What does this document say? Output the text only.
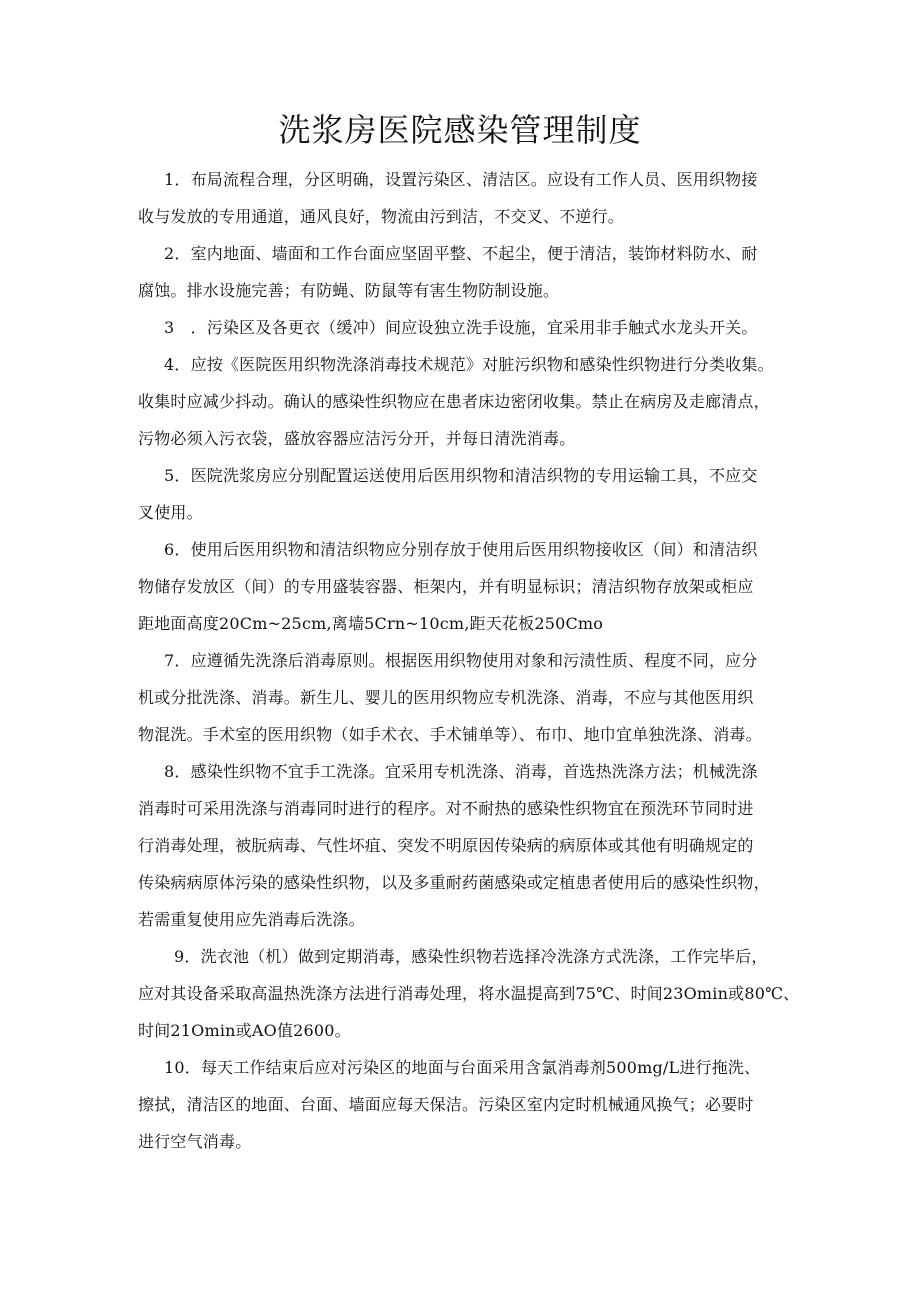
洗浆房医院感染管理制度

1．布局流程合理，分区明确，设置污染区、清洁区。应设有工作人员、医用织物接
收与发放的专用通道，通风良好，物流由污到洁，不交叉、不逆行。

2．室内地面、墙面和工作台面应坚固平整、不起尘，便于清洁，装饰材料防水、耐
腐蚀。排水设施完善；有防蝇、防鼠等有害生物防制设施。

3　．污染区及各更衣（缓冲）间应设独立洗手设施，宜采用非手触式水龙头开关。

4．应按《医院医用织物洗涤消毒技术规范》对脏污织物和感染性织物进行分类收集。
收集时应减少抖动。确认的感染性织物应在患者床边密闭收集。禁止在病房及走廊清点，
污物必须入污衣袋，盛放容器应洁污分开，并每日清洗消毒。

5．医院洗浆房应分别配置运送使用后医用织物和清洁织物的专用运输工具，不应交
叉使用。

6．使用后医用织物和清洁织物应分别存放于使用后医用织物接收区（间）和清洁织
物储存发放区（间）的专用盛装容器、柜架内，并有明显标识；清洁织物存放架或柜应
距地面高度20Cm~25cm,离墙5Crn~10cm,距天花板250Cmo

7．应遵循先洗涤后消毒原则。根据医用织物使用对象和污渍性质、程度不同，应分
机或分批洗涤、消毒。新生儿、婴儿的医用织物应专机洗涤、消毒，不应与其他医用织
物混洗。手术室的医用织物（如手术衣、手术铺单等）、布巾、地巾宜单独洗涤、消毒。

8．感染性织物不宜手工洗涤。宜采用专机洗涤、消毒，首选热洗涤方法；机械洗涤
消毒时可采用洗涤与消毒同时进行的程序。对不耐热的感染性织物宜在预洗环节同时进
行消毒处理，被朊病毒、气性坏疽、突发不明原因传染病的病原体或其他有明确规定的
传染病病原体污染的感染性织物，以及多重耐药菌感染或定植患者使用后的感染性织物，
若需重复使用应先消毒后洗涤。

9．洗衣池（机）做到定期消毒，感染性织物若选择冷洗涤方式洗涤，工作完毕后，
应对其设备采取高温热洗涤方法进行消毒处理，将水温提高到75℃、时间23Omin或80℃、
时间21Omin或AO值2600。

10．每天工作结束后应对污染区的地面与台面采用含氯消毒剂500mg/L进行拖洗、
擦拭，清洁区的地面、台面、墙面应每天保洁。污染区室内定时机械通风换气；必要时
进行空气消毒。
